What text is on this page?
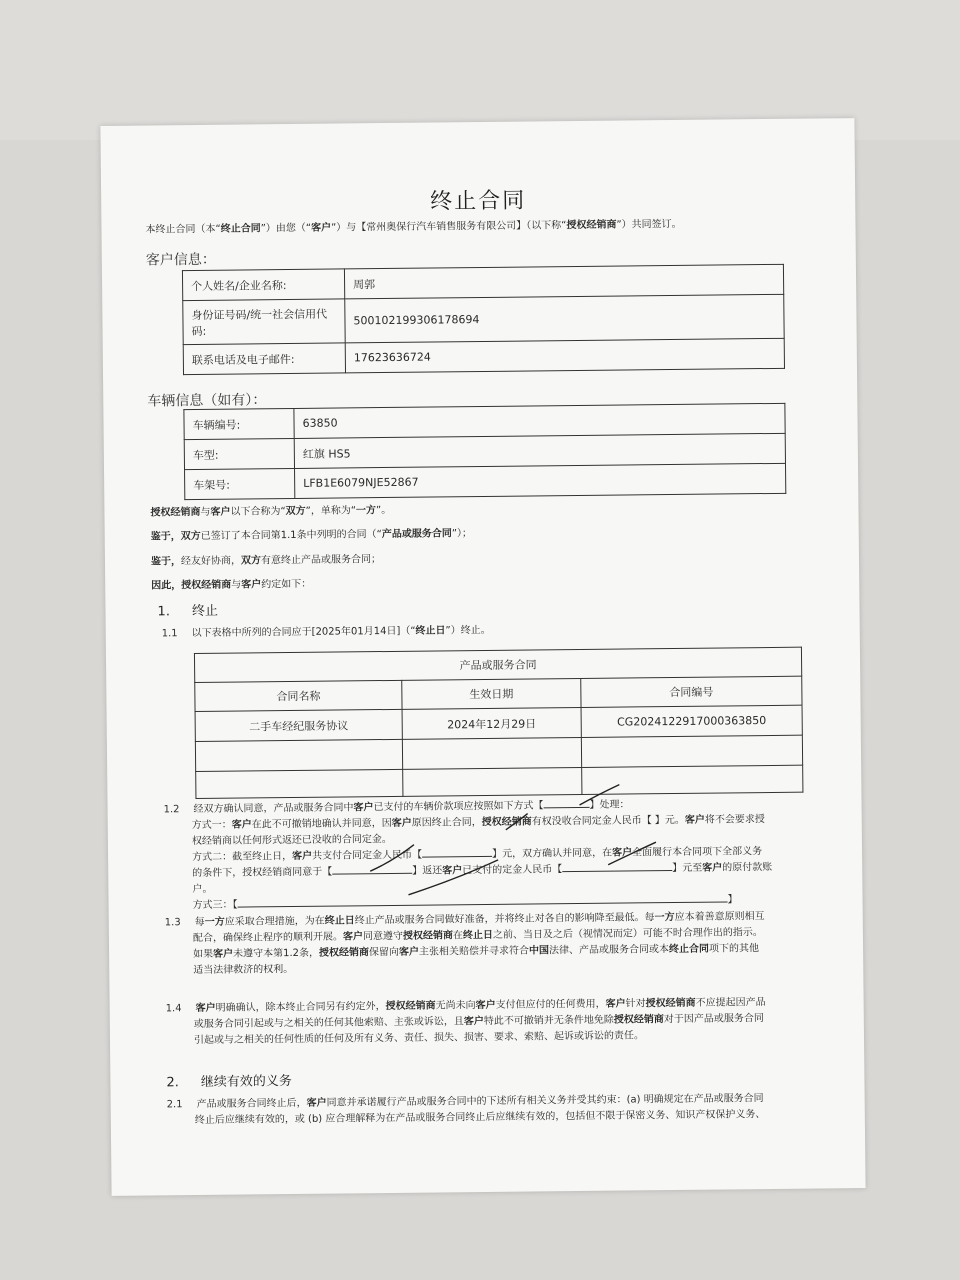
终止合同
本终止合同（本“终止合同”）由您（“客户”）与【常州奥保行汽车销售服务有限公司】（以下称“授权经销商”）共同签订。
客户信息：
个人姓名/企业名称:	周郭
身份证号码/统一社会信用代码:	500102199306178694
联系电话及电子邮件:	17623636724
车辆信息（如有）：
车辆编号:	63850
车型:	红旗 HS5
车架号:	LFB1E6079NJE52867
授权经销商与客户以下合称为“双方”，单称为“一方”。
鉴于，双方已签订了本合同第1.1条中列明的合同（“产品或服务合同”）；
鉴于，经友好协商，双方有意终止产品或服务合同；
因此，授权经销商与客户约定如下：
1. 终止
1.1 以下表格中所列的合同应于[2025年01月14日]（“终止日”）终止。
产品或服务合同		
合同名称	生效日期	合同编号
二手车经纪服务协议	2024年12月29日	CG2024122917000363850

1.2 经双方确认同意，产品或服务合同中客户已支付的车辆价款项应按照如下方式【	】处理：
方式一：客户在此不可撤销地确认并同意，因客户原因终止合同，授权经销商有权没收合同定金人民币【 】元。客户将不会要求授
权经销商以任何形式返还已没收的合同定金。
方式二：截至终止日，客户共支付合同定金人民币【	】元，双方确认并同意，在客户全面履行本合同项下全部义务
的条件下，授权经销商同意于【	】返还客户已支付的定金人民币【	】元至客户的原付款账
户。
方式三：【	】
1.3 每一方应采取合理措施，为在终止日终止产品或服务合同做好准备，并将终止对各自的影响降至最低。每一方应本着善意原则相互
配合，确保终止程序的顺利开展。客户同意遵守授权经销商在终止日之前、当日及之后（视情况而定）可能不时合理作出的指示。
如果客户未遵守本第1.2条，授权经销商保留向客户主张相关赔偿并寻求符合中国法律、产品或服务合同或本终止合同项下的其他
适当法律救济的权利。
1.4 客户明确确认，除本终止合同另有约定外，授权经销商无尚未向客户支付但应付的任何费用，客户针对授权经销商不应提起因产品
或服务合同引起或与之相关的任何其他索赔、主张或诉讼，且客户特此不可撤销并无条件地免除授权经销商对于因产品或服务合同
引起或与之相关的任何性质的任何及所有义务、责任、损失、损害、要求、索赔、起诉或诉讼的责任。
2. 继续有效的义务
2.1 产品或服务合同终止后，客户同意并承诺履行产品或服务合同中的下述所有相关义务并受其约束：(a) 明确规定在产品或服务合同
终止后应继续有效的，或 (b) 应合理解释为在产品或服务合同终止后应继续有效的，包括但不限于保密义务、知识产权保护义务、
